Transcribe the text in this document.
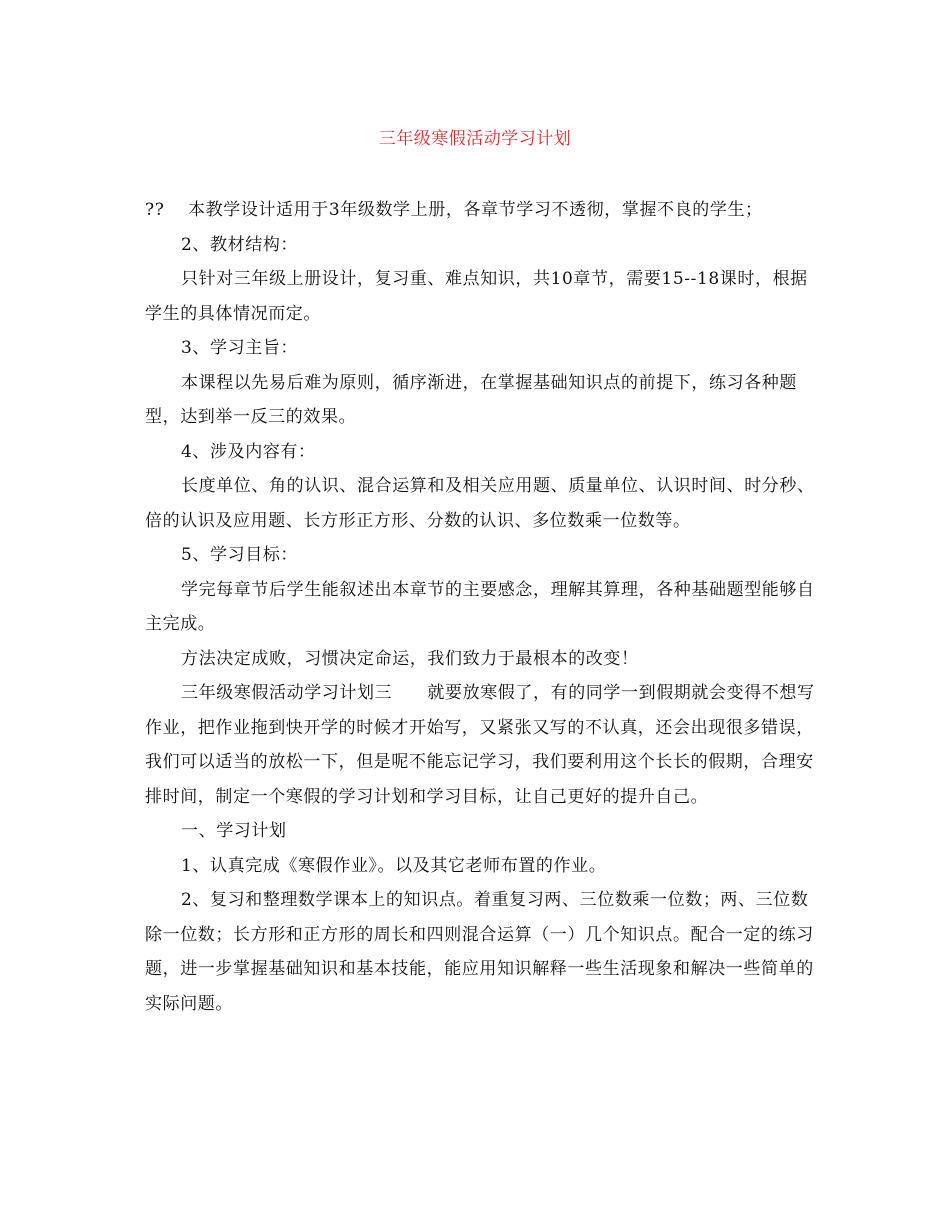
三年级寒假活动学习计划

??　 本教学设计适用于3年级数学上册，各章节学习不透彻，掌握不良的学生；

2、教材结构：

只针对三年级上册设计，复习重、难点知识，共10章节，需要15--18课时，根据学生的具体情况而定。

3、学习主旨：

本课程以先易后难为原则，循序渐进，在掌握基础知识点的前提下，练习各种题型，达到举一反三的效果。

4、涉及内容有：

长度单位、角的认识、混合运算和及相关应用题、质量单位、认识时间、时分秒、倍的认识及应用题、长方形正方形、分数的认识、多位数乘一位数等。

5、学习目标：

学完每章节后学生能叙述出本章节的主要感念，理解其算理，各种基础题型能够自主完成。

方法决定成败，习惯决定命运，我们致力于最根本的改变！

三年级寒假活动学习计划三　　就要放寒假了，有的同学一到假期就会变得不想写作业，把作业拖到快开学的时候才开始写，又紧张又写的不认真，还会出现很多错误，我们可以适当的放松一下，但是呢不能忘记学习，我们要利用这个长长的假期，合理安排时间，制定一个寒假的学习计划和学习目标，让自己更好的提升自己。

一、学习计划

1、认真完成《寒假作业》。以及其它老师布置的作业。

2、复习和整理数学课本上的知识点。着重复习两、三位数乘一位数；两、三位数除一位数；长方形和正方形的周长和四则混合运算（一）几个知识点。配合一定的练习题，进一步掌握基础知识和基本技能，能应用知识解释一些生活现象和解决一些简单的实际问题。
